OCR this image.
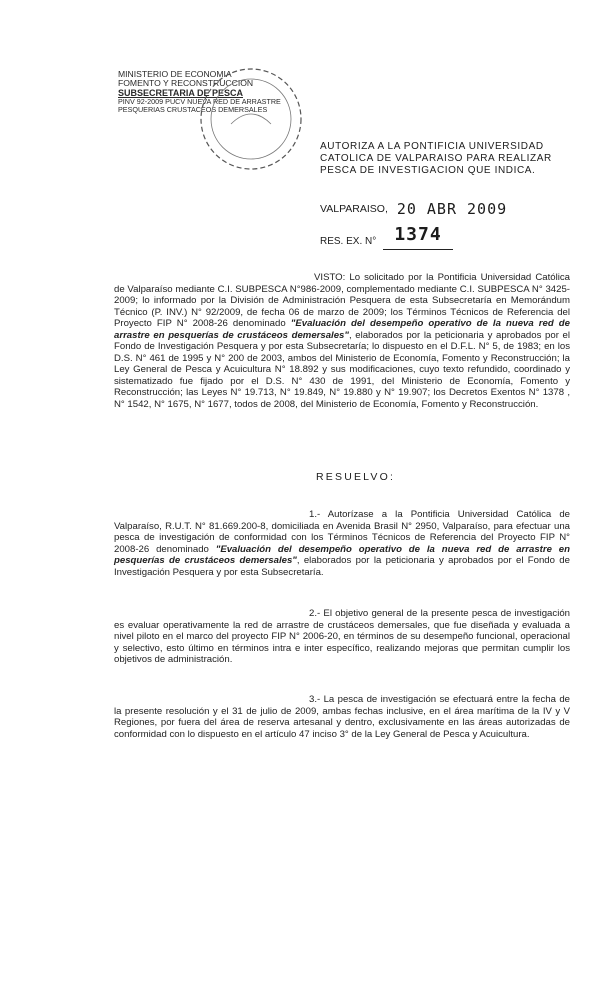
MINISTERIO DE ECONOMIA
FOMENTO Y RECONSTRUCCION
SUBSECRETARIA DE PESCA
PINV 92-2009 PUCV NUEVA RED DE ARRASTRE
PESQUERIAS CRUSTACEOS DEMERSALES
AUTORIZA A LA PONTIFICIA UNIVERSIDAD
CATOLICA DE VALPARAISO PARA REALIZAR
PESCA DE INVESTIGACION QUE INDICA.
VALPARAISO, 20 ABR 2009
RES. EX. N° 1374

VISTO: Lo solicitado por la Pontificia Universidad Católica de Valparaíso mediante C.I. SUBPESCA N°986-2009, complementado mediante C.I. SUBPESCA N° 3425-2009; lo informado por la División de Administración Pesquera de esta Subsecretaría en Memorándum Técnico (P. INV.) N° 92/2009, de fecha 06 de marzo de 2009; los Términos Técnicos de Referencia del Proyecto FIP N° 2008-26 denominado "Evaluación del desempeño operativo de la nueva red de arrastre en pesquerías de crustáceos demersales", elaborados por la peticionaria y aprobados por el Fondo de Investigación Pesquera y por esta Subsecretaría; lo dispuesto en el D.F.L. N° 5, de 1983; en los D.S. N° 461 de 1995 y N° 200 de 2003, ambos del Ministerio de Economía, Fomento y Reconstrucción; la Ley General de Pesca y Acuicultura N° 18.892 y sus modificaciones, cuyo texto refundido, coordinado y sistematizado fue fijado por el D.S. N° 430 de 1991, del Ministerio de Economía, Fomento y Reconstrucción; las Leyes N° 19.713, N° 19.849, N° 19.880 y N° 19.907; los Decretos Exentos N° 1378 , N° 1542, N° 1675, N° 1677, todos de 2008, del Ministerio de Economía, Fomento y Reconstrucción.

RESUELVO:

1.- Autorízase a la Pontificia Universidad Católica de Valparaíso, R.U.T. N° 81.669.200-8, domiciliada en Avenida Brasil N° 2950, Valparaíso, para efectuar una pesca de investigación de conformidad con los Términos Técnicos de Referencia del Proyecto FIP N° 2008-26 denominado "Evaluación del desempeño operativo de la nueva red de arrastre en pesquerías de crustáceos demersales", elaborados por la peticionaria y aprobados por el Fondo de Investigación Pesquera y por esta Subsecretaría.

2.- El objetivo general de la presente pesca de investigación es evaluar operativamente la red de arrastre de crustáceos demersales, que fue diseñada y evaluada a nivel piloto en el marco del proyecto FIP N° 2006-20, en términos de su desempeño funcional, operacional y selectivo, esto último en términos intra e inter específico, realizando mejoras que permitan cumplir los objetivos de administración.

3.- La pesca de investigación se efectuará entre la fecha de la presente resolución y el 31 de julio de 2009, ambas fechas inclusive, en el área marítima de la IV y V Regiones, por fuera del área de reserva artesanal y dentro, exclusivamente en las áreas autorizadas de conformidad con lo dispuesto en el artículo 47 inciso 3° de la Ley General de Pesca y Acuicultura.
